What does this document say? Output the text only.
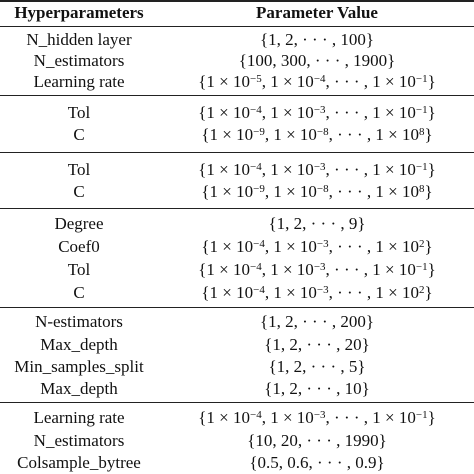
Hyperparameters	Parameter Value
N_hidden layer	{1, 2, · · · , 100}
N_estimators	{100, 300, · · · , 1900}
Learning rate	{$1 \times 10^{-5}$, $1 \times 10^{-4}$, · · · , $1 \times 10^{-1}$}
Tol	{$1 \times 10^{-4}$, $1 \times 10^{-3}$, · · · , $1 \times 10^{-1}$}
C	{$1 \times 10^{-9}$, $1 \times 10^{-8}$, · · · , $1 \times 10^8$}
Tol	{$1 \times 10^{-4}$, $1 \times 10^{-3}$, · · · , $1 \times 10^{-1}$}
C	{$1 \times 10^{-9}$, $1 \times 10^{-8}$, · · · , $1 \times 10^8$}
Degree	{1, 2, · · · , 9}
Coef0	{$1 \times 10^{-4}$, $1 \times 10^{-3}$, · · · , $1 \times 10^2$}
Tol	{$1 \times 10^{-4}$, $1 \times 10^{-3}$, · · · , $1 \times 10^{-1}$}
C	{$1 \times 10^{-4}$, $1 \times 10^{-3}$, · · · , $1 \times 10^2$}
N-estimators	{1, 2, · · · , 200}
Max_depth	{1, 2, · · · , 20}
Min_samples_split	{1, 2, · · · , 5}
Max_depth	{1, 2, · · · , 10}
Learning rate	{$1 \times 10^{-4}$, $1 \times 10^{-3}$, · · · , $1 \times 10^{-1}$}
N_estimators	{10, 20, · · · , 1990}
Colsample_bytree	{0.5, 0.6, · · · , 0.9}
